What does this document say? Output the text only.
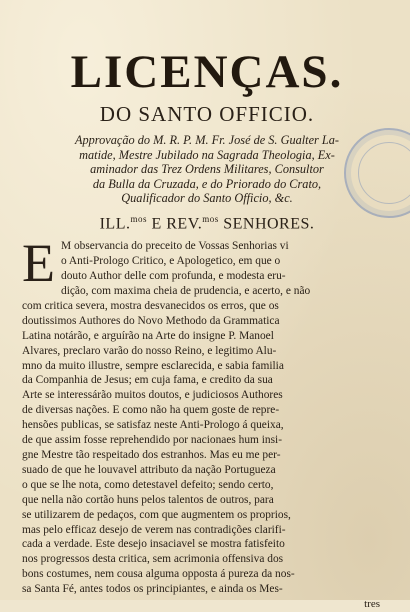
LICENÇAS.
DO SANTO OFFICIO.
Approvação do M. R. P. M. Fr. José de S. Gualter La-
matide, Mestre Jubilado na Sagrada Theologia, Ex-
aminador das Trez Ordens Militares, Consultor
da Bulla da Cruzada, e do Priorado do Crato,
Qualificador do Santo Officio, &c.
ILL.$^{mos}$ E REV.$^{mos}$ SENHORES.
E M observancia do preceito de Vossas Senhorias vi
o Anti-Prologo Critico, e Apologetico, em que o
douto Author delle com profunda, e modesta eru-
dição, com maxima cheia de prudencia, e acerto, e não
com critica severa, mostra desvanecidos os erros, que os
doutissimos Authores do Novo Methodo da Grammatica
Latina notárão, e arguírão na Arte do insigne P. Manoel
Alvares, preclaro varão do nosso Reino, e legitimo Alu-
mno da muito illustre, sempre esclarecida, e sabia familia
da Companhia de Jesus; em cuja fama, e credito da sua
Arte se interessárão muitos doutos, e judiciosos Authores
de diversas nações. E como não ha quem goste de repre-
hensões publicas, se satisfaz neste Anti-Prologo á queixa,
de que assim fosse reprehendido por nacionaes hum insi-
gne Mestre tão respeitado dos estranhos. Mas eu me per-
suado de que he louvavel attributo da nação Portugueza
o que se lhe nota, como detestavel defeito; sendo certo,
que nella não cortão huns pelos talentos de outros, para
se utilizarem de pedaços, com que augmentem os proprios,
mas pelo efficaz desejo de verem nas contradições clarifi-
cada a verdade. Este desejo insaciavel se mostra fatisfeito
nos progressos desta critica, sem acrimonia offensiva dos
bons costumes, nem cousa alguma opposta á pureza da nos-
sa Santa Fé, antes todos os principiantes, e ainda os Mes-
tres
